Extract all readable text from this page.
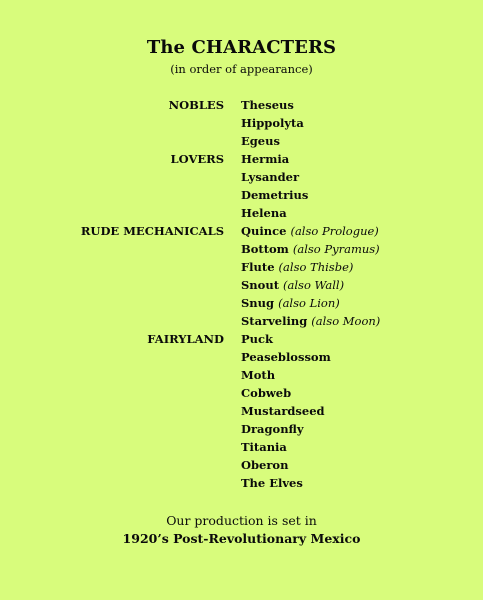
The CHARACTERS
(in order of appearance)
NOBLES Theseus
Hippolyta
Egeus
LOVERS Hermia
Lysander
Demetrius
Helena
RUDE MECHANICALS Quince (also Prologue)
Bottom (also Pyramus)
Flute (also Thisbe)
Snout (also Wall)
Snug (also Lion)
Starveling (also Moon)
FAIRYLAND Puck
Peaseblossom
Moth
Cobweb
Mustardseed
Dragonfly
Titania
Oberon
The Elves
Our production is set in
1920’s Post-Revolutionary Mexico
